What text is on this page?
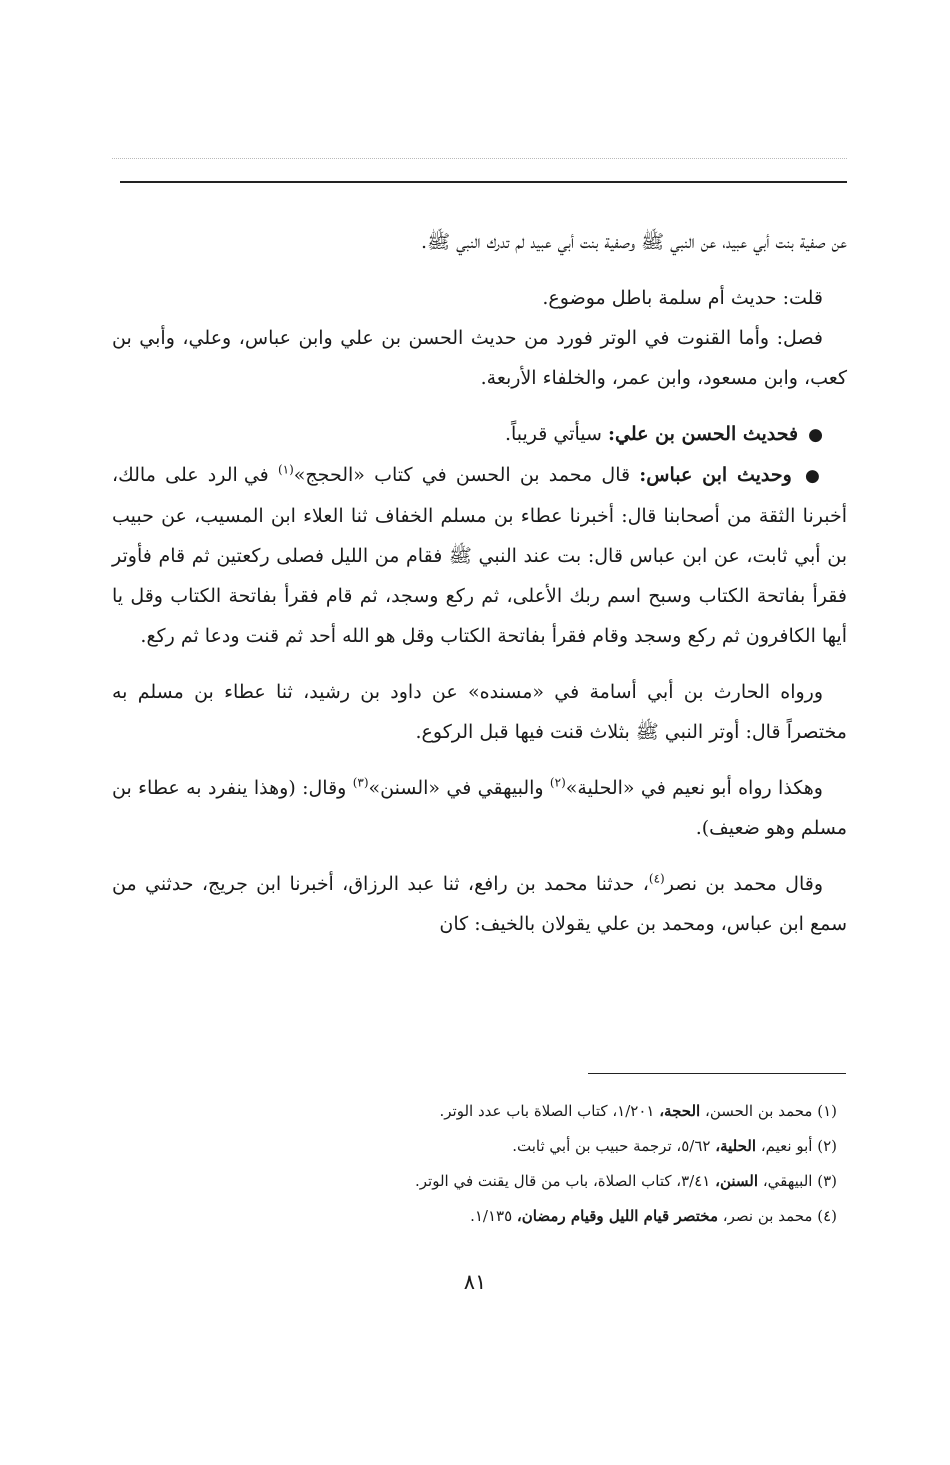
عن صفية بنت أبي عبيد، عن النبي ﷺ وصفية بنت أبي عبيد لم تدرك النبي ﷺ.

قلت: حديث أم سلمة باطل موضوع.

فصل: وأما القنوت في الوتر فورد من حديث الحسن بن علي وابن عباس، وعلي، وأبي بن كعب، وابن مسعود، وابن عمر، والخلفاء الأربعة.

● فحديث الحسن بن علي: سيأتي قريباً.

● وحديث ابن عباس: قال محمد بن الحسن في كتاب «الحجج»$^{(١)}$ في الرد على مالك، أخبرنا الثقة من أصحابنا قال: أخبرنا عطاء بن مسلم الخفاف ثنا العلاء ابن المسيب، عن حبيب بن أبي ثابت، عن ابن عباس قال: بت عند النبي ﷺ فقام من الليل فصلى ركعتين ثم قام فأوتر فقرأ بفاتحة الكتاب وسبح اسم ربك الأعلى، ثم ركع وسجد، ثم قام فقرأ بفاتحة الكتاب وقل يا أيها الكافرون ثم ركع وسجد وقام فقرأ بفاتحة الكتاب وقل هو الله أحد ثم قنت ودعا ثم ركع.

ورواه الحارث بن أبي أسامة في «مسنده» عن داود بن رشيد، ثنا عطاء بن مسلم به مختصراً قال: أوتر النبي ﷺ بثلاث قنت فيها قبل الركوع.

وهكذا رواه أبو نعيم في «الحلية»$^{(٢)}$ والبيهقي في «السنن»$^{(٣)}$ وقال: (وهذا ينفرد به عطاء بن مسلم وهو ضعيف).

وقال محمد بن نصر$^{(٤)}$، حدثنا محمد بن رافع، ثنا عبد الرزاق، أخبرنا ابن جريج، حدثني من سمع ابن عباس، ومحمد بن علي يقولان بالخيف: كان

(١) محمد بن الحسن، الحجة، ١/٢٠١، كتاب الصلاة باب عدد الوتر.

(٢) أبو نعيم، الحلية، ٥/٦٢، ترجمة حبيب بن أبي ثابت.

(٣) البيهقي، السنن، ٣/٤١، كتاب الصلاة، باب من قال يقنت في الوتر.

(٤) محمد بن نصر، مختصر قيام الليل وقيام رمضان، ١/١٣٥.

٨١
